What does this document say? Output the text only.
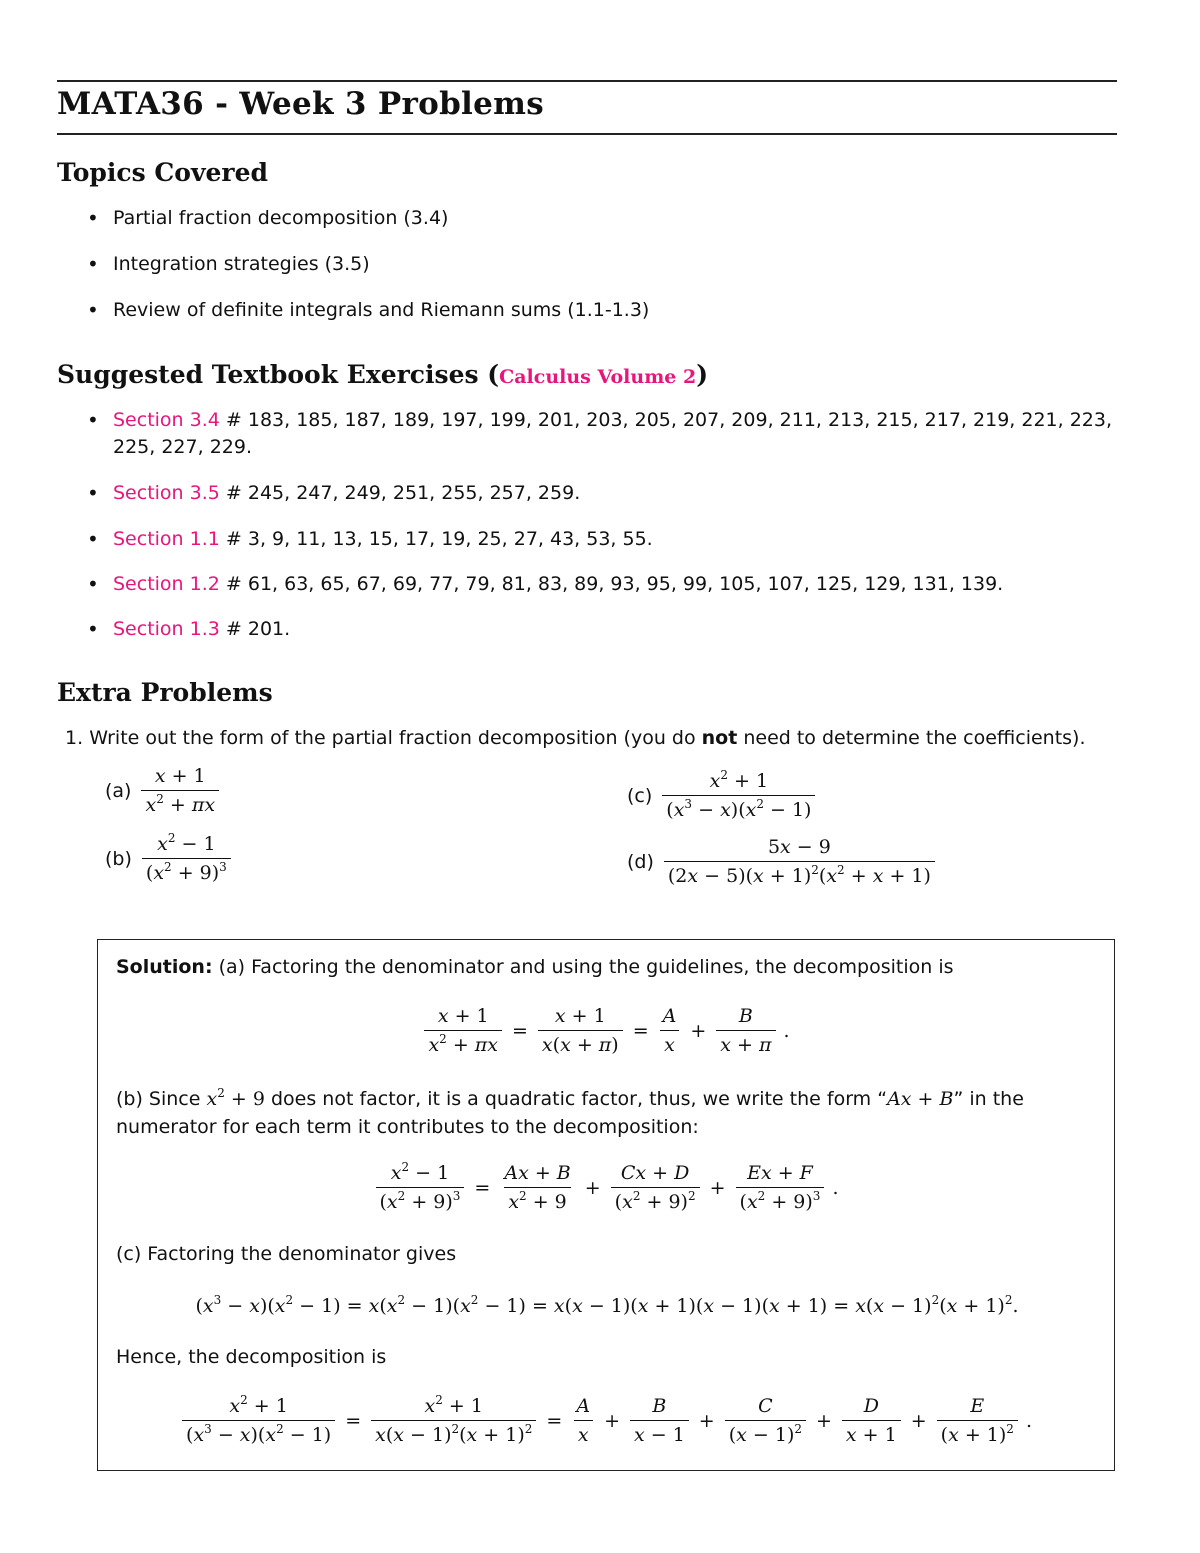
MATA36 - Week 3 Problems
Topics Covered
• Partial fraction decomposition (3.4)
• Integration strategies (3.5)
• Review of definite integrals and Riemann sums (1.1-1.3)
Suggested Textbook Exercises (Calculus Volume 2)
• Section 3.4 # 183, 185, 187, 189, 197, 199, 201, 203, 205, 207, 209, 211, 213, 215, 217, 219, 221, 223, 225, 227, 229.
• Section 3.5 # 245, 247, 249, 251, 255, 257, 259.
• Section 1.1 # 3, 9, 11, 13, 15, 17, 19, 25, 27, 43, 53, 55.
• Section 1.2 # 61, 63, 65, 67, 69, 77, 79, 81, 83, 89, 93, 95, 99, 105, 107, 125, 129, 131, 139.
• Section 1.3 # 201.
Extra Problems
1. Write out the form of the partial fraction decomposition (you do not need to determine the coefficients).
$(a) \frac{x + 1}{x^2 + \pi x}$
$(b) \frac{x^2 - 1}{(x^2 + 9)^3}$
$(c) \frac{x^2 + 1}{(x^3 - x)(x^2 - 1)}$
$(d) \frac{5x - 9}{(2x - 5)(x + 1)^2(x^2 + x + 1)}$
Solution: (a) Factoring the denominator and using the guidelines, the decomposition is
$\frac{x + 1}{x^2 + \pi x} = \frac{x + 1}{x(x + \pi)} = \frac{A}{x} + \frac{B}{x + \pi}$ .
(b) Since $x^2 + 9$ does not factor, it is a quadratic factor, thus, we write the form “Ax + B” in the
numerator for each term it contributes to the decomposition:
$\frac{x^2 - 1}{(x^2 + 9)^3} = \frac{Ax + B}{x^2 + 9} + \frac{Cx + D}{(x^2 + 9)^2} + \frac{Ex + F}{(x^2 + 9)^3}$ .
(c) Factoring the denominator gives
$(x^3 - x)(x^2 - 1) = x(x^2 - 1)(x^2 - 1) = x(x - 1)(x + 1)(x - 1)(x + 1) = x(x - 1)^2(x + 1)^2$.
Hence, the decomposition is
$\frac{x^2 + 1}{(x^3 - x)(x^2 - 1)} = \frac{x^2 + 1}{x(x - 1)^2(x + 1)^2} = \frac{A}{x} + \frac{B}{x - 1} + \frac{C}{(x - 1)^2} + \frac{D}{x + 1} + \frac{E}{(x + 1)^2}$ .
